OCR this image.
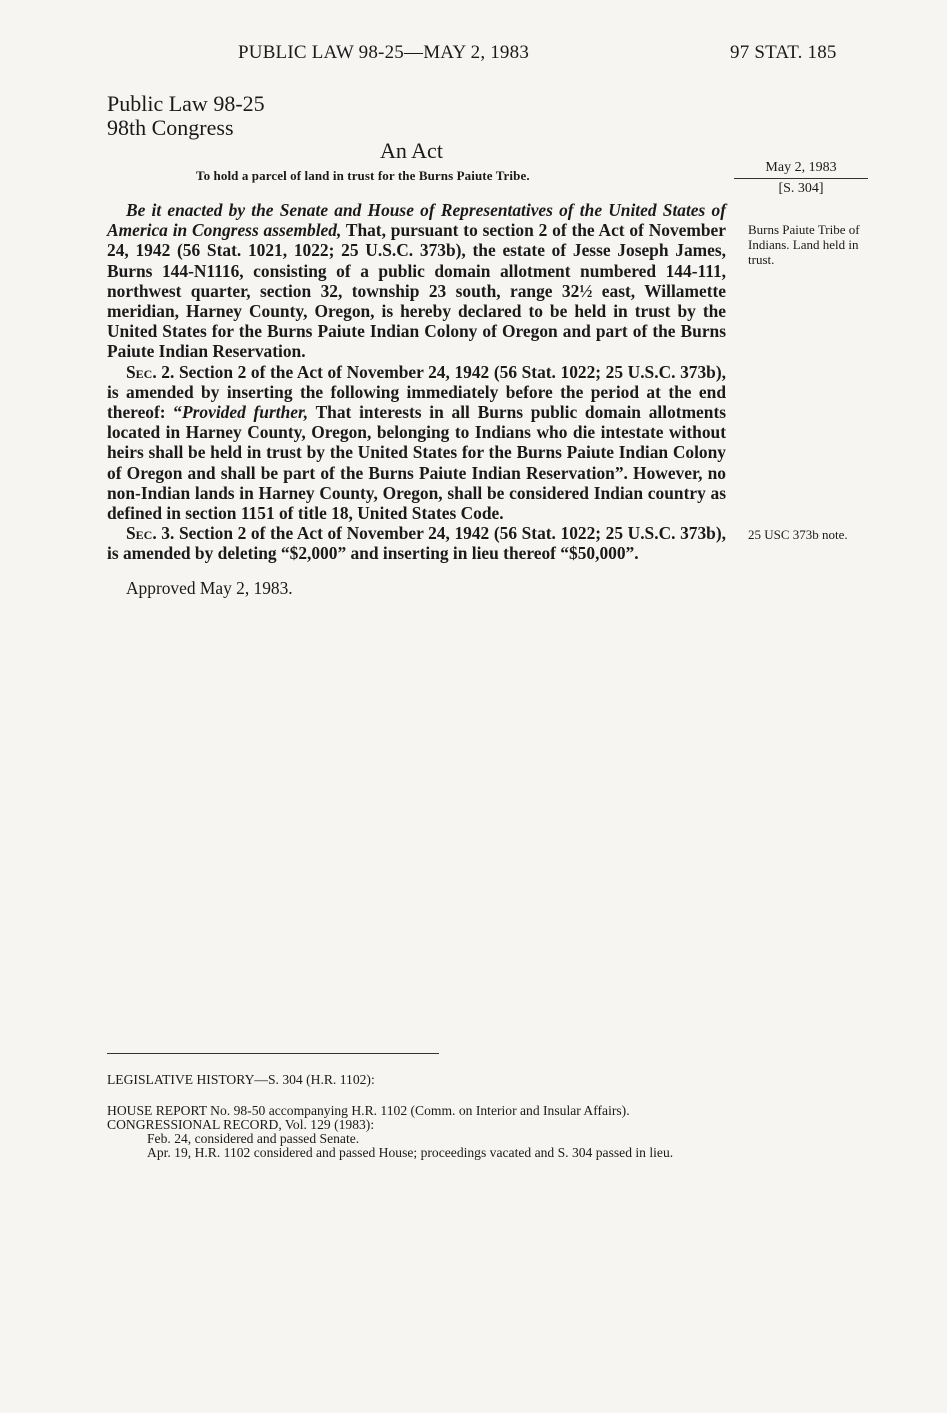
PUBLIC LAW 98-25—MAY 2, 1983	97 STAT. 185
Public Law 98-25
98th Congress
An Act
To hold a parcel of land in trust for the Burns Paiute Tribe.
May 2, 1983
[S. 304]
Burns Paiute Tribe of Indians. Land held in trust.
25 USC 373b note.

Be it enacted by the Senate and House of Representatives of the United States of America in Congress assembled, That, pursuant to section 2 of the Act of November 24, 1942 (56 Stat. 1021, 1022; 25 U.S.C. 373b), the estate of Jesse Joseph James, Burns 144-N1116, consisting of a public domain allotment numbered 144-111, northwest quarter, section 32, township 23 south, range 32½ east, Willamette meridian, Harney County, Oregon, is hereby declared to be held in trust by the United States for the Burns Paiute Indian Colony of Oregon and part of the Burns Paiute Indian Reservation.

Sec. 2. Section 2 of the Act of November 24, 1942 (56 Stat. 1022; 25 U.S.C. 373b), is amended by inserting the following immediately before the period at the end thereof: “Provided further, That interests in all Burns public domain allotments located in Harney County, Oregon, belonging to Indians who die intestate without heirs shall be held in trust by the United States for the Burns Paiute Indian Colony of Oregon and shall be part of the Burns Paiute Indian Reservation”. However, no non-Indian lands in Harney County, Oregon, shall be considered Indian country as defined in section 1151 of title 18, United States Code.

Sec. 3. Section 2 of the Act of November 24, 1942 (56 Stat. 1022; 25 U.S.C. 373b), is amended by deleting “$2,000” and inserting in lieu thereof “$50,000”.

Approved May 2, 1983.

LEGISLATIVE HISTORY—S. 304 (H.R. 1102):
HOUSE REPORT No. 98-50 accompanying H.R. 1102 (Comm. on Interior and Insular Affairs).
CONGRESSIONAL RECORD, Vol. 129 (1983):
Feb. 24, considered and passed Senate.
Apr. 19, H.R. 1102 considered and passed House; proceedings vacated and S. 304 passed in lieu.
